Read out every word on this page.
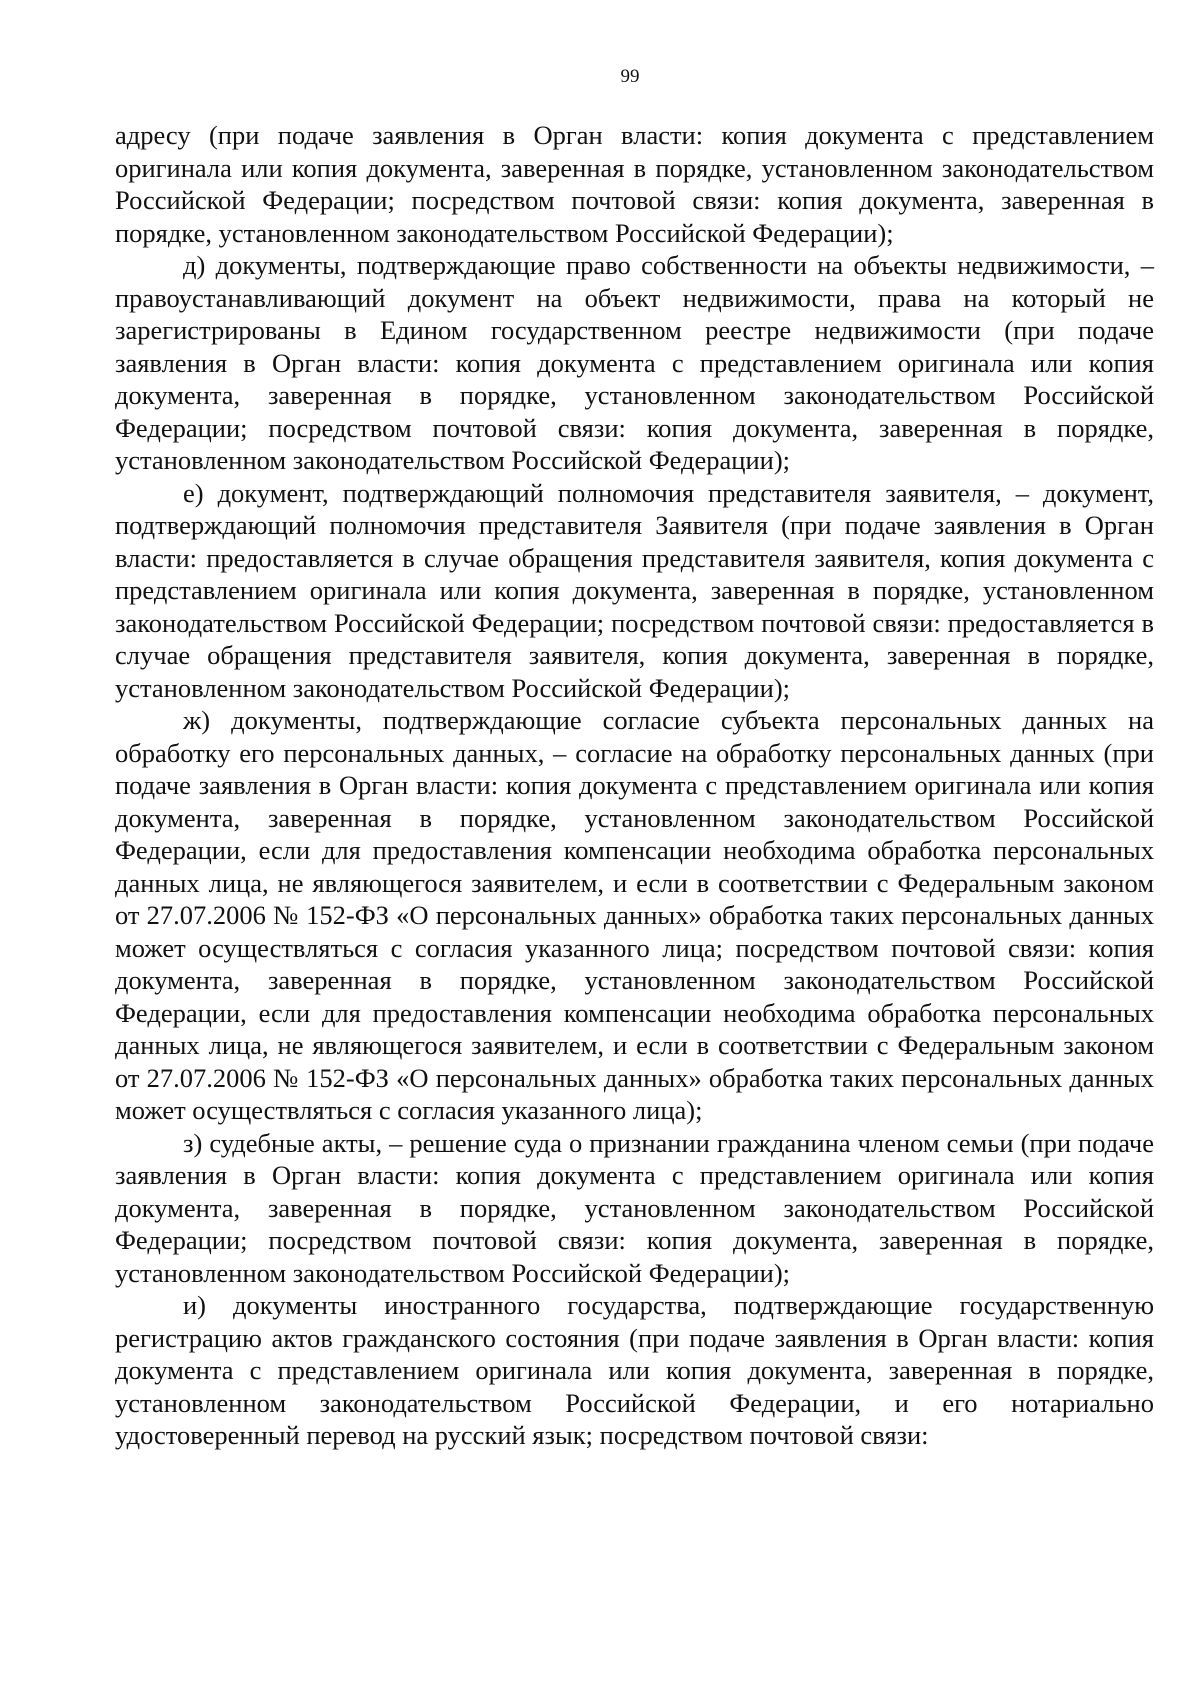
99

адресу (при подаче заявления в Орган власти: копия документа с представлением оригинала или копия документа, заверенная в порядке, установленном законодательством Российской Федерации; посредством почтовой связи: копия документа, заверенная в порядке, установленном законодательством Российской Федерации);

д) документы, подтверждающие право собственности на объекты недвижимости, – правоустанавливающий документ на объект недвижимости, права на который не зарегистрированы в Едином государственном реестре недвижимости (при подаче заявления в Орган власти: копия документа с представлением оригинала или копия документа, заверенная в порядке, установленном законодательством Российской Федерации; посредством почтовой связи: копия документа, заверенная в порядке, установленном законодательством Российской Федерации);

е) документ, подтверждающий полномочия представителя заявителя, – документ, подтверждающий полномочия представителя Заявителя (при подаче заявления в Орган власти: предоставляется в случае обращения представителя заявителя, копия документа с представлением оригинала или копия документа, заверенная в порядке, установленном законодательством Российской Федерации; посредством почтовой связи: предоставляется в случае обращения представителя заявителя, копия документа, заверенная в порядке, установленном законодательством Российской Федерации);

ж) документы, подтверждающие согласие субъекта персональных данных на обработку его персональных данных, – согласие на обработку персональных данных (при подаче заявления в Орган власти: копия документа с представлением оригинала или копия документа, заверенная в порядке, установленном законодательством Российской Федерации, если для предоставления компенсации необходима обработка персональных данных лица, не являющегося заявителем, и если в соответствии с Федеральным законом от 27.07.2006 № 152-ФЗ «О персональных данных» обработка таких персональных данных может осуществляться с согласия указанного лица; посредством почтовой связи: копия документа, заверенная в порядке, установленном законодательством Российской Федерации, если для предоставления компенсации необходима обработка персональных данных лица, не являющегося заявителем, и если в соответствии с Федеральным законом от 27.07.2006 № 152-ФЗ «О персональных данных» обработка таких персональных данных может осуществляться с согласия указанного лица);

з) судебные акты, – решение суда о признании гражданина членом семьи (при подаче заявления в Орган власти: копия документа с представлением оригинала или копия документа, заверенная в порядке, установленном законодательством Российской Федерации; посредством почтовой связи: копия документа, заверенная в порядке, установленном законодательством Российской Федерации);

и) документы иностранного государства, подтверждающие государственную регистрацию актов гражданского состояния (при подаче заявления в Орган власти: копия документа с представлением оригинала или копия документа, заверенная в порядке, установленном законодательством Российской Федерации, и его нотариально удостоверенный перевод на русский язык; посредством почтовой связи:
